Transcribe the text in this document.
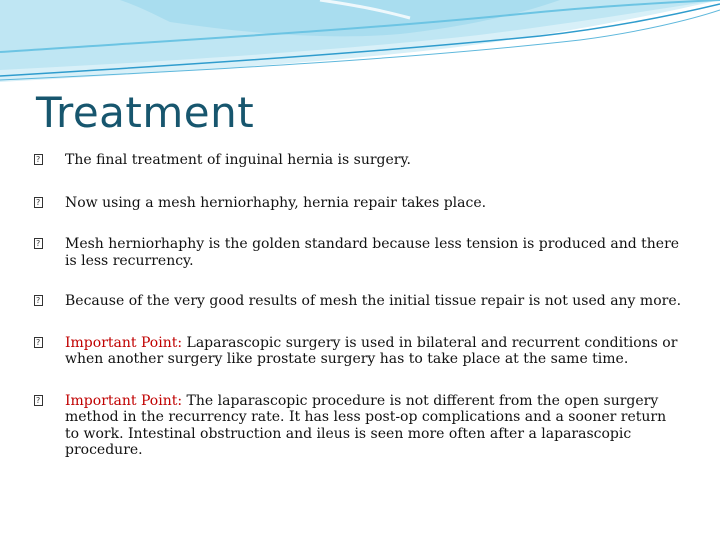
Treatment
?
The final treatment of inguinal hernia is surgery.
?
Now using a mesh herniorhaphy, hernia repair takes place.
?
Mesh herniorhaphy is the golden standard because less tension is produced and there is less recurrency.
?
Because of the very good results of mesh the initial tissue repair is not used any more.
?
Important Point: Laparascopic surgery is used in bilateral and recurrent conditions or when another surgery like prostate surgery has to take place at the same time.
?
Important Point: The laparascopic procedure is not different from the open surgery method in the recurrency rate. It has less post-op complications and a sooner return to work. Intestinal obstruction and ileus is seen more often after a laparascopic procedure.
